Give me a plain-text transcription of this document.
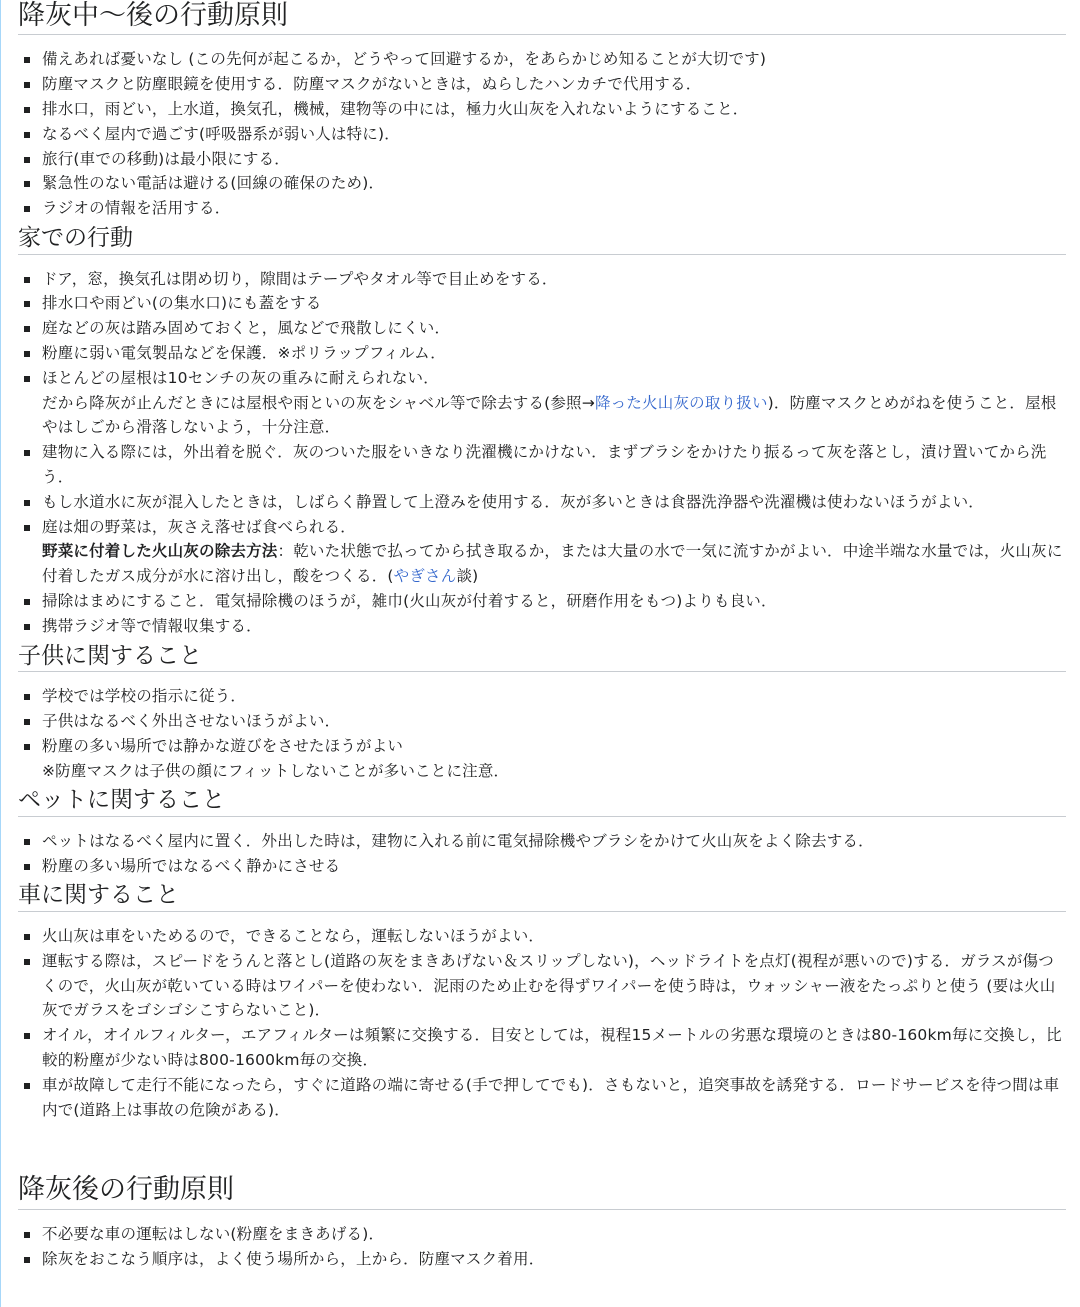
降灰中〜後の行動原則
備えあれば憂いなし (この先何が起こるか，どうやって回避するか，をあらかじめ知ることが大切です)
防塵マスクと防塵眼鏡を使用する．防塵マスクがないときは，ぬらしたハンカチで代用する．
排水口，雨どい，上水道，換気孔，機械，建物等の中には，極力火山灰を入れないようにすること．
なるべく屋内で過ごす(呼吸器系が弱い人は特に)．
旅行(車での移動)は最小限にする．
緊急性のない電話は避ける(回線の確保のため)．
ラジオの情報を活用する．
家での行動
ドア，窓，換気孔は閉め切り，隙間はテープやタオル等で目止めをする．
排水口や雨どい(の集水口)にも蓋をする
庭などの灰は踏み固めておくと，風などで飛散しにくい．
粉塵に弱い電気製品などを保護．※ポリラップフィルム．
ほとんどの屋根は10センチの灰の重みに耐えられない．
だから降灰が止んだときには屋根や雨といの灰をシャベル等で除去する(参照→降った火山灰の取り扱い)．防塵マスクとめがねを使うこと．屋根やはしごから滑落しないよう，十分注意．
建物に入る際には，外出着を脱ぐ．灰のついた服をいきなり洗濯機にかけない．まずブラシをかけたり振るって灰を落とし，漬け置いてから洗う．
もし水道水に灰が混入したときは，しばらく静置して上澄みを使用する．灰が多いときは食器洗浄器や洗濯機は使わないほうがよい．
庭は畑の野菜は，灰さえ落せば食べられる．
野菜に付着した火山灰の除去方法：乾いた状態で払ってから拭き取るか，または大量の水で一気に流すかがよい．中途半端な水量では，火山灰に付着したガス成分が水に溶け出し，酸をつくる．(やぎさん談)
掃除はまめにすること．電気掃除機のほうが，雑巾(火山灰が付着すると，研磨作用をもつ)よりも良い．
携帯ラジオ等で情報収集する．
子供に関すること
学校では学校の指示に従う．
子供はなるべく外出させないほうがよい．
粉塵の多い場所では静かな遊びをさせたほうがよい
※防塵マスクは子供の顔にフィットしないことが多いことに注意．
ペットに関すること
ペットはなるべく屋内に置く．外出した時は，建物に入れる前に電気掃除機やブラシをかけて火山灰をよく除去する．
粉塵の多い場所ではなるべく静かにさせる
車に関すること
火山灰は車をいためるので，できることなら，運転しないほうがよい．
運転する際は，スピードをうんと落とし(道路の灰をまきあげない＆スリップしない)，ヘッドライトを点灯(視程が悪いので)する．ガラスが傷つくので，火山灰が乾いている時はワイパーを使わない．泥雨のため止むを得ずワイパーを使う時は，ウォッシャー液をたっぷりと使う (要は火山灰でガラスをゴシゴシこすらないこと)．
オイル，オイルフィルター，エアフィルターは頻繁に交換する．目安としては，視程15メートルの劣悪な環境のときは80-160km毎に交換し，比較的粉塵が少ない時は800-1600km毎の交換．
車が故障して走行不能になったら，すぐに道路の端に寄せる(手で押してでも)．さもないと，追突事故を誘発する．ロードサービスを待つ間は車内で(道路上は事故の危険がある)．
降灰後の行動原則
不必要な車の運転はしない(粉塵をまきあげる)．
除灰をおこなう順序は，よく使う場所から，上から．防塵マスク着用．
